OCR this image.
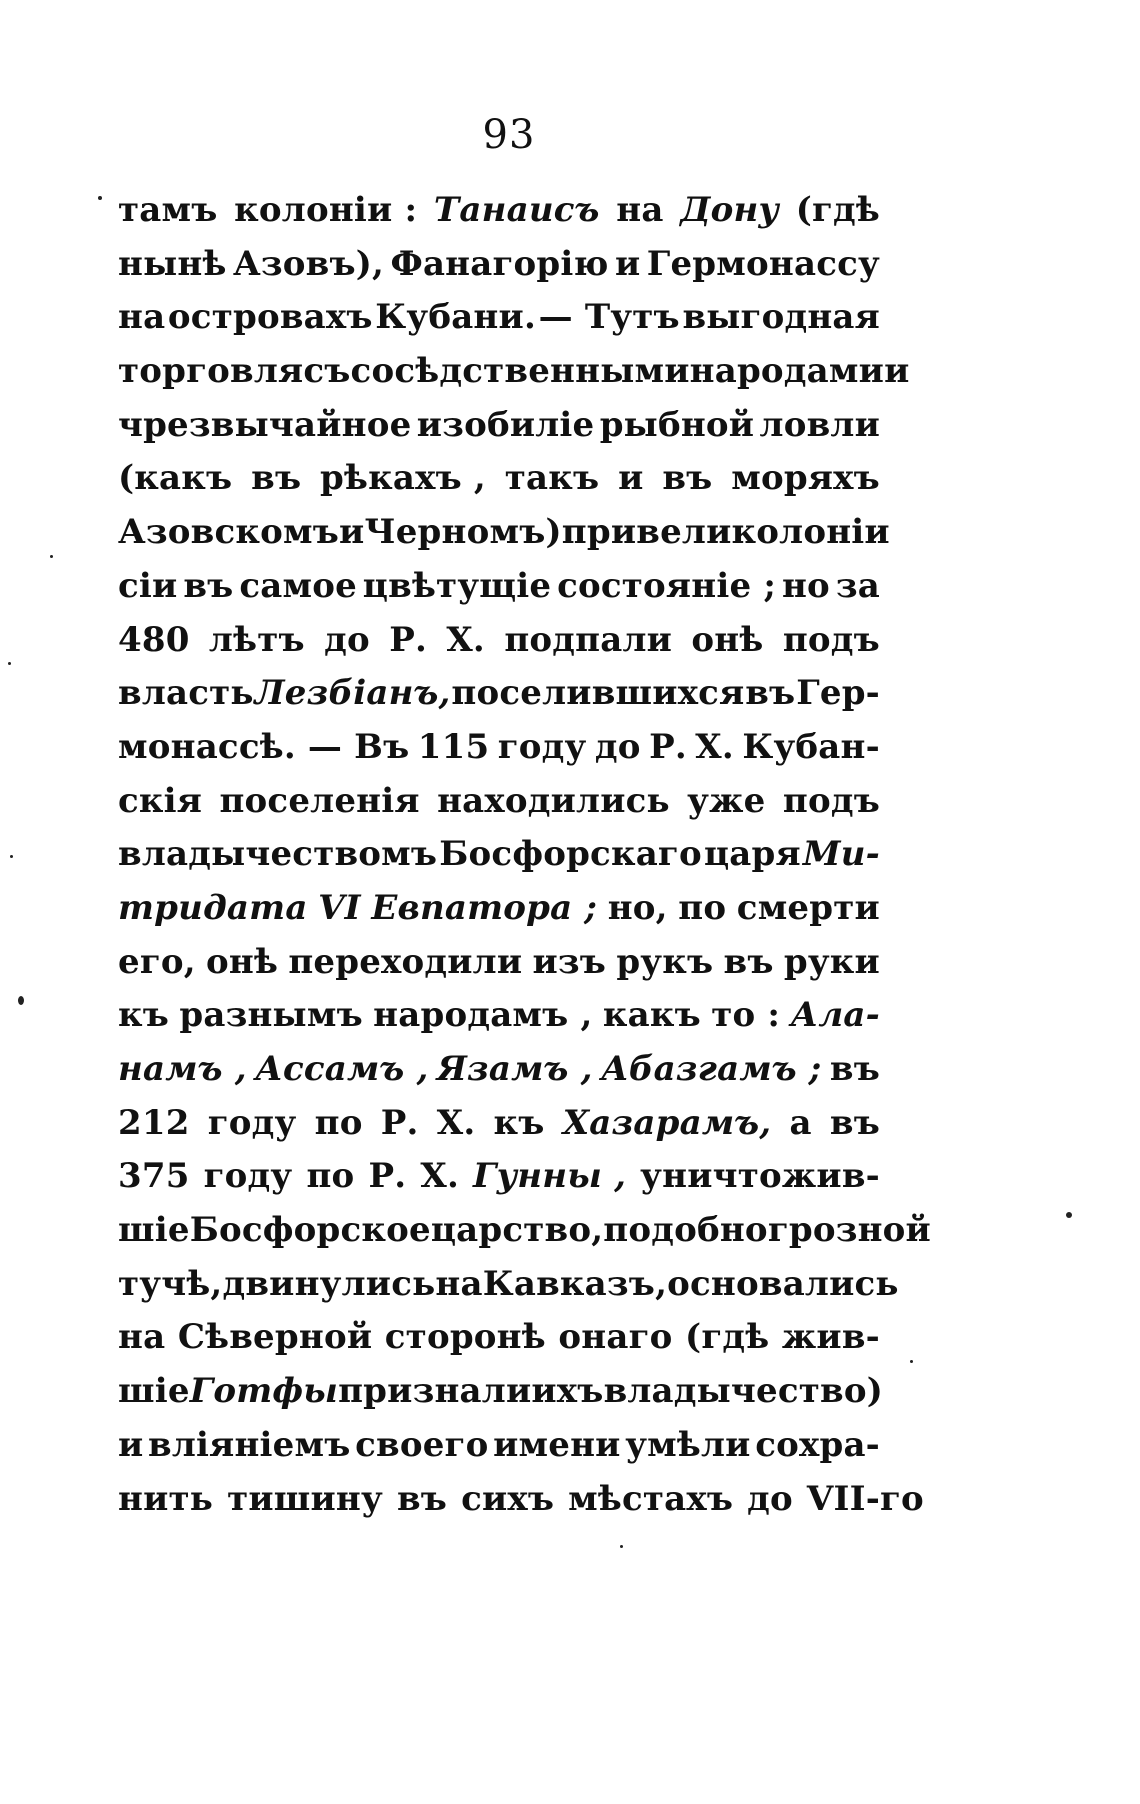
93
тамъ колоніи : Танаисъ на Дону (гдѣ
нынѣ Азовъ), Фанагорію и Гермонассу
на островахъ Кубани. — Тутъ выгодная
торговля съ сосѣдственными народами и
чрезвычайное изобиліе рыбной ловли
(какъ въ рѣкахъ , такъ и въ моряхъ
Азовскомъ и Черномъ) привели колоніи
сіи въ самое цвѣтущіе состояніе ; но за
480 лѣтъ до Р. Х. подпали онѣ подъ
власть Лезбіанъ, поселившихся въ Гер-
монассѣ. — Въ 115 году до Р. Х. Кубан-
скія поселенія находились уже подъ
владычествомъ Босфорскаго царя Ми-
тридата VI Евпатора ; но, по смерти
его, онѣ переходили изъ рукъ въ руки
къ разнымъ народамъ , какъ то : Ала-
намъ , Ассамъ , Язамъ , Абазгамъ ; въ
212 году по Р. Х. къ Хазарамъ, а въ
375 году по Р. Х. Гунны , уничтожив-
шіе Босфорское царство, подобно грозной
тучѣ, двинулись на Кавказъ, основались
на Сѣверной сторонѣ онаго (гдѣ жив-
шіе Готфы признали ихъ владычество)
и вліяніемъ своего имени умѣли сохра-
нить тишину въ сихъ мѣстахъ до VII-го
